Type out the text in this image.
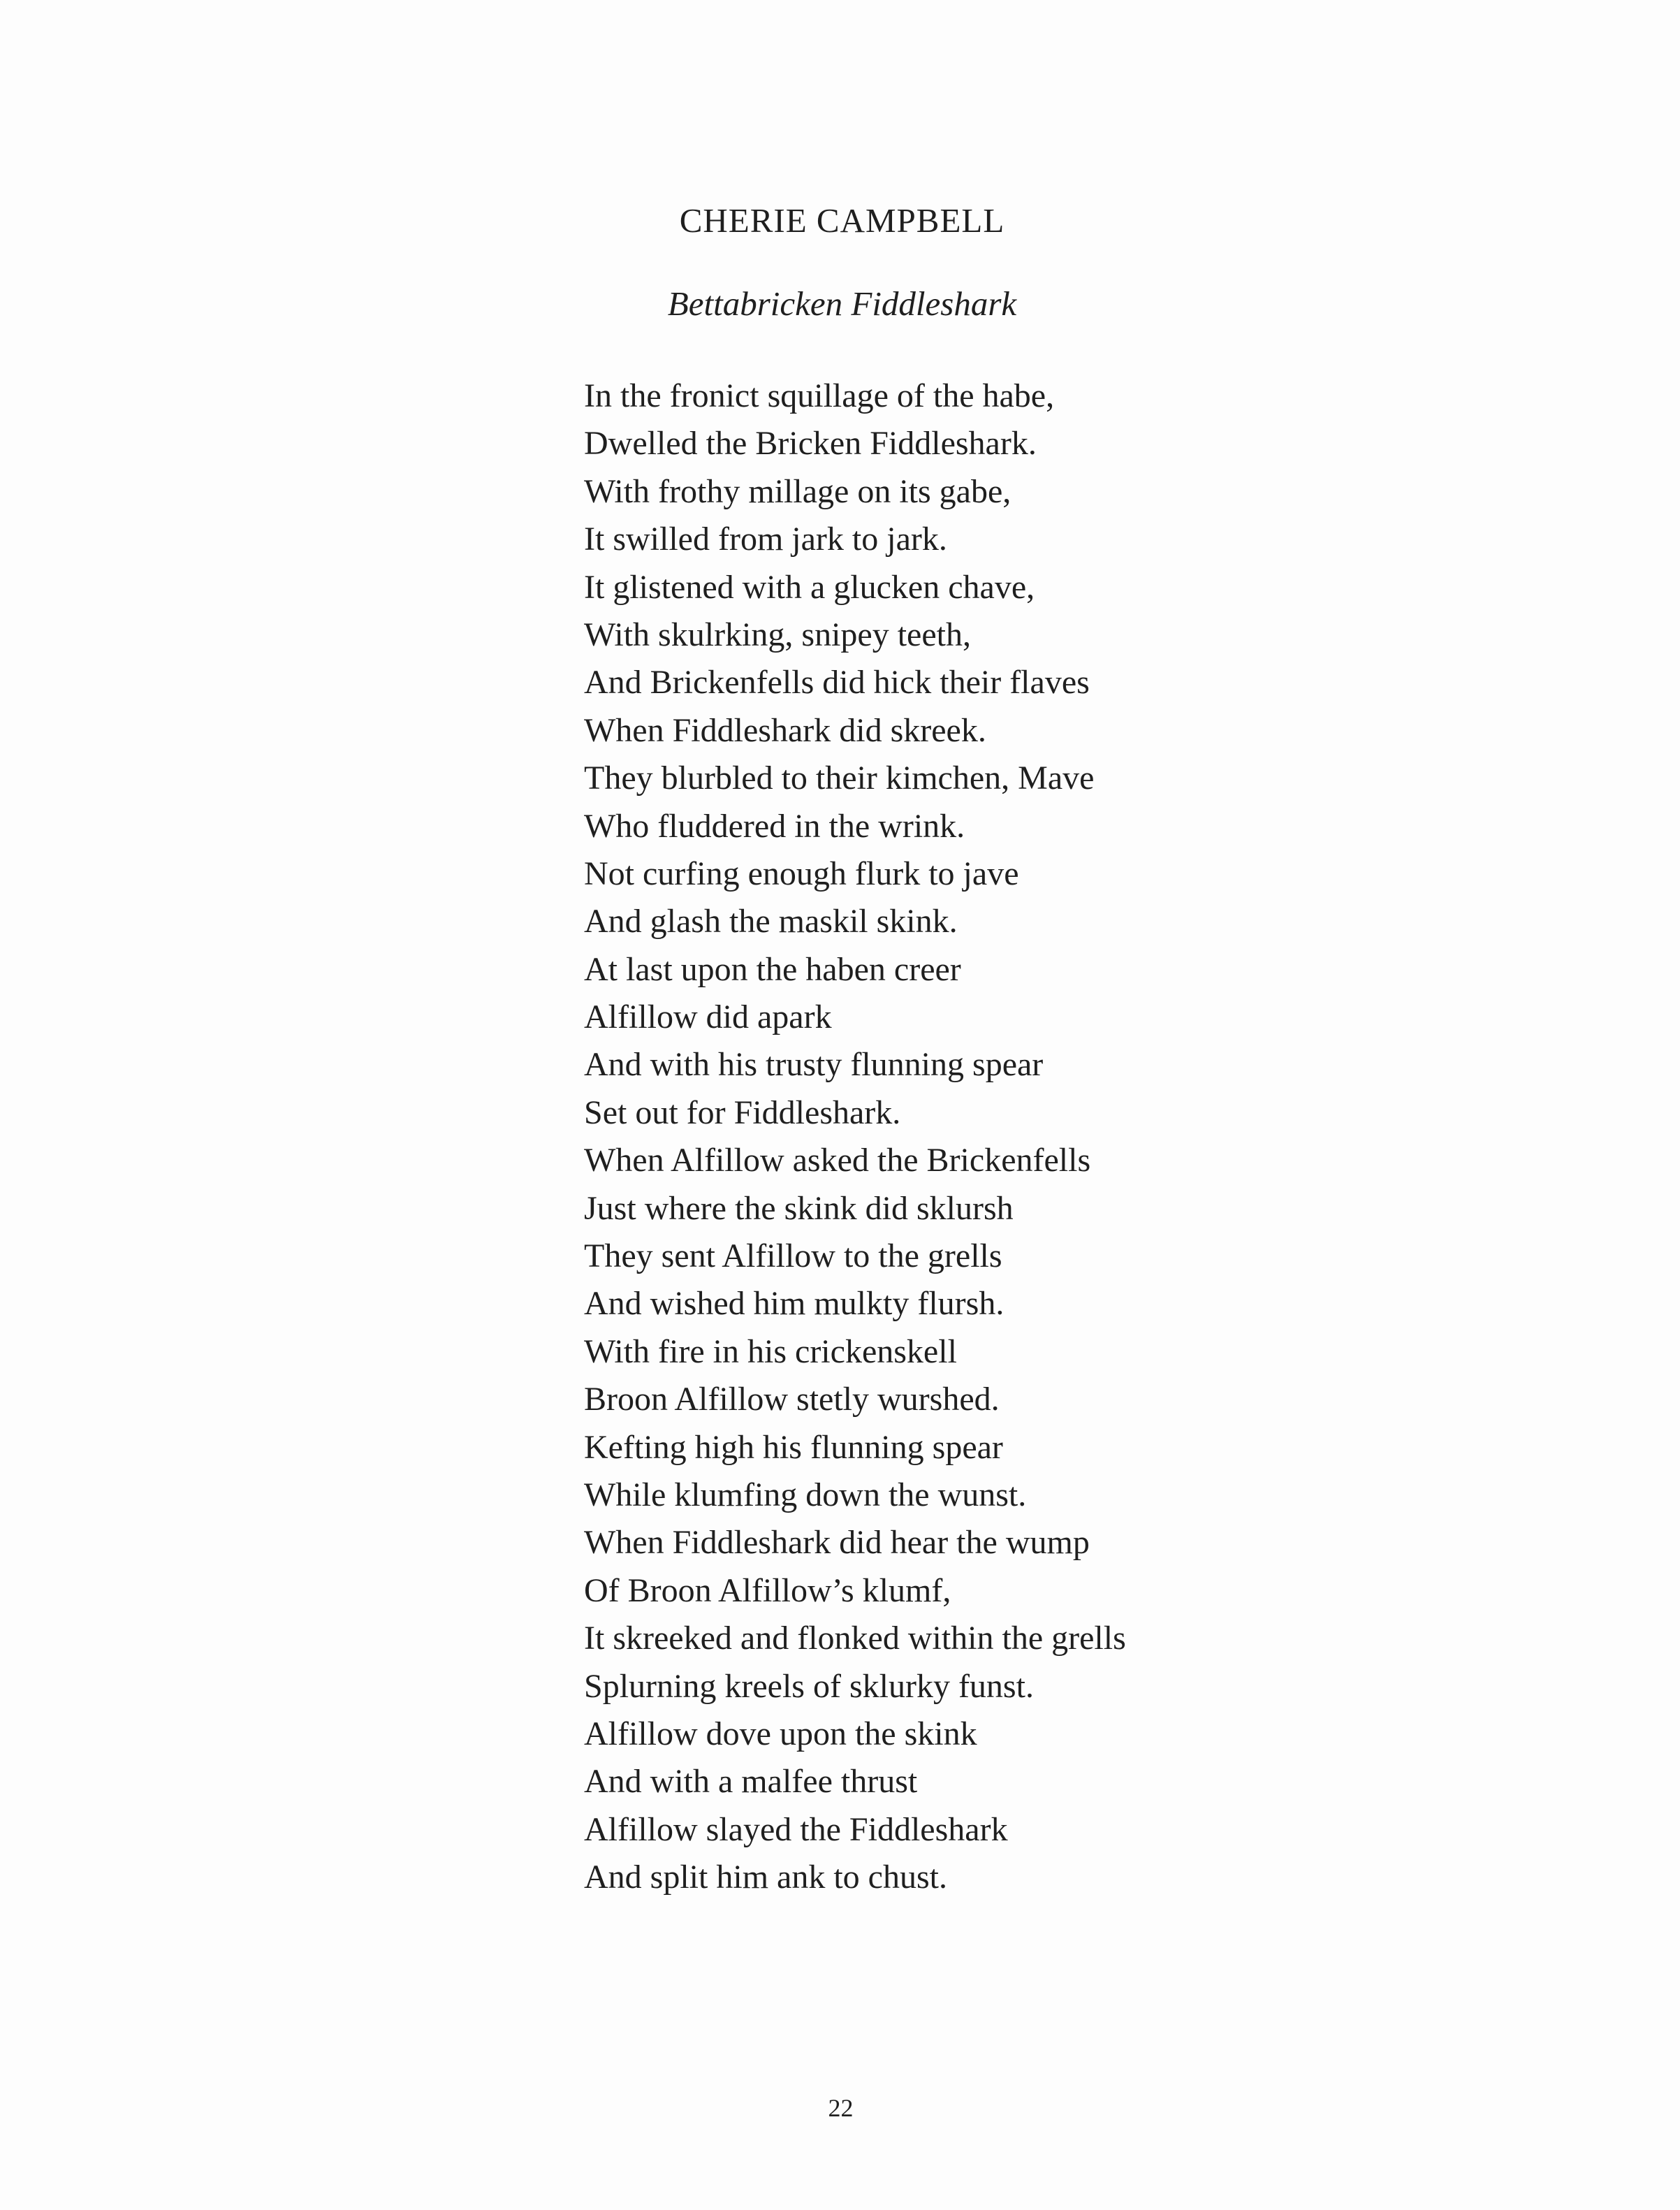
CHERIE CAMPBELL
Bettabricken Fiddleshark
In the fronict squillage of the habe,
Dwelled the Bricken Fiddleshark.
With frothy millage on its gabe,
It swilled from jark to jark.
It glistened with a glucken chave,
With skulrking, snipey teeth,
And Brickenfells did hick their flaves
When Fiddleshark did skreek.
They blurbled to their kimchen, Mave
Who fluddered in the wrink.
Not curfing enough flurk to jave
And glash the maskil skink.
At last upon the haben creer
Alfillow did apark
And with his trusty flunning spear
Set out for Fiddleshark.
When Alfillow asked the Brickenfells
Just where the skink did sklursh
They sent Alfillow to the grells
And wished him mulkty flursh.
With fire in his crickenskell
Broon Alfillow stetly wurshed.
Kefting high his flunning spear
While klumfing down the wunst.
When Fiddleshark did hear the wump
Of Broon Alfillow’s klumf,
It skreeked and flonked within the grells
Splurning kreels of sklurky funst.
Alfillow dove upon the skink
And with a malfee thrust
Alfillow slayed the Fiddleshark
And split him ank to chust.
22
